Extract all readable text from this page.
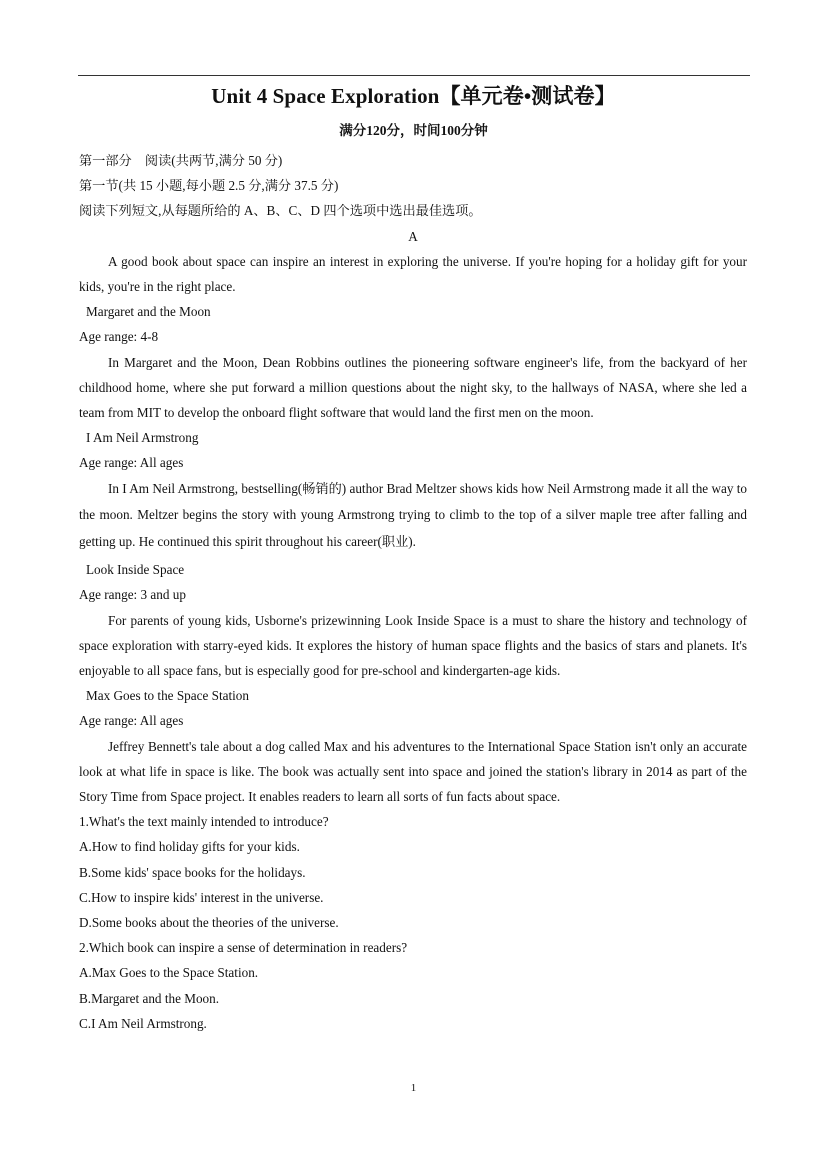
Unit 4 Space Exploration【单元卷•测试卷】
满分120分，时间100分钟

第一部分　阅读(共两节,满分 50 分)

第一节(共 15 小题,每小题 2.5 分,满分 37.5 分)

阅读下列短文,从每题所给的 A、B、C、D 四个选项中选出最佳选项。

A

A good book about space can inspire an interest in exploring the universe. If you're hoping for a holiday gift for your kids, you're in the right place.

Margaret and the Moon

Age range: 4-8

In Margaret and the Moon, Dean Robbins outlines the pioneering software engineer's life, from the backyard of her childhood home, where she put forward a million questions about the night sky, to the hallways of NASA, where she led a team from MIT to develop the onboard flight software that would land the first men on the moon.

I Am Neil Armstrong

Age range: All ages

In I Am Neil Armstrong, bestselling(畅销的) author Brad Meltzer shows kids how Neil Armstrong made it all the way to the moon. Meltzer begins the story with young Armstrong trying to climb to the top of a silver maple tree after falling and getting up. He continued this spirit throughout his career(职业).

Look Inside Space

Age range: 3 and up

For parents of young kids, Usborne's prizewinning Look Inside Space is a must to share the history and technology of space exploration with starry-eyed kids. It explores the history of human space flights and the basics of stars and planets. It's enjoyable to all space fans, but is especially good for pre-school and kindergarten-age kids.

Max Goes to the Space Station

Age range: All ages

Jeffrey Bennett's tale about a dog called Max and his adventures to the International Space Station isn't only an accurate look at what life in space is like. The book was actually sent into space and joined the station's library in 2014 as part of the Story Time from Space project. It enables readers to learn all sorts of fun facts about space.

1.What's the text mainly intended to introduce?

A.How to find holiday gifts for your kids.

B.Some kids' space books for the holidays.

C.How to inspire kids' interest in the universe.

D.Some books about the theories of the universe.

2.Which book can inspire a sense of determination in readers?

A.Max Goes to the Space Station.

B.Margaret and the Moon.

C.I Am Neil Armstrong.

1
